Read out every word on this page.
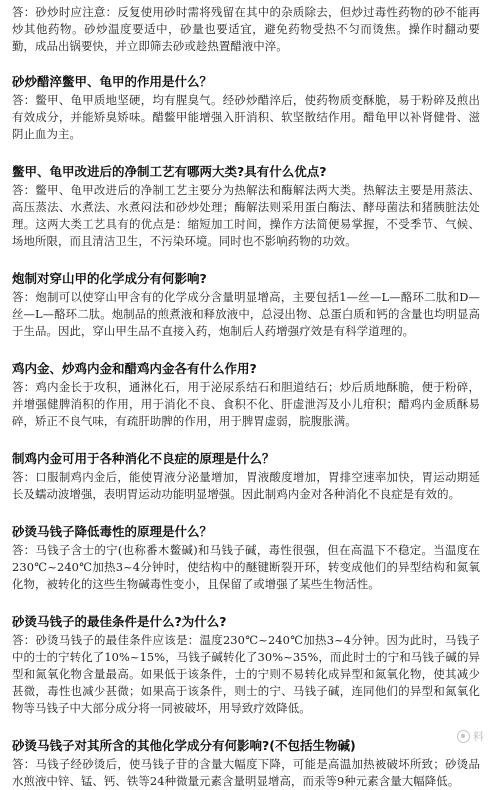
答：砂炒时应注意：反复使用砂时需将残留在其中的杂质除去，但炒过毒性药物的砂不能再炒其他药物。砂炒温度要适中，砂量也要适宜，避免药物受热不匀而烫焦。操作时翻动要勤，成品出锅要快，并立即筛去砂或趁热置醋液中淬。

砂炒醋淬鳖甲、龟甲的作用是什么？

答：鳖甲、龟甲质地坚硬，均有腥臭气。经砂炒醋淬后，使药物质变酥脆，易于粉碎及煎出有效成分，并能矫臭矫味。醋鳖甲能增强入肝消积、软坚散结作用。醋龟甲以补肾健骨、滋阴止血为主。

鳖甲、龟甲改进后的净制工艺有哪两大类?具有什么优点?

答：鳖甲、龟甲改进后的净制工艺主要分为热解法和酶解法两大类。热解法主要是用蒸法、高压蒸法、水煮法、水煮闷法和砂炒处理；酶解法则采用蛋白酶法、酵母菌法和猪胰脏法处理。这两大类工艺具有的优点是：缩短加工时间，操作方法简便易掌握，不受季节、气候、场地所限，而且清洁卫生，不污染环境。同时也不影响药物的功效。

炮制对穿山甲的化学成分有何影响?

答：炮制可以使穿山甲含有的化学成分含量明显增高，主要包括1—丝—L—酪环二肽和D—丝—L—酪环二肽。炮制品的煎煮液和释放液中，总浸出物、总蛋白质和钙的含量也均明显高于生品。因此，穿山甲生品不直接入药，炮制后人药增强疗效是有科学道理的。

鸡内金、炒鸡内金和醋鸡内金各有什么作用?

答：鸡内金长于攻积，通淋化石，用于泌尿系结石和胆道结石；炒后质地酥脆，便于粉碎，并增强健脾消积的作用，用于消化不良、食积不化、肝虚泄泻及小儿疳积；醋鸡内金质酥易碎，矫正不良气味，有疏肝助脾的作用，用于脾胃虚弱，脘腹胀满。

制鸡内金可用于各种消化不良症的原理是什么？

答：口服制鸡内金后，能使胃液分泌量增加，胃液酸度增加，胃排空速率加快，胃运动期延长及蠕动波增强，表明胃运动功能明显增强。因此制鸡内金对各种消化不良症是有效的。

砂烫马钱子降低毒性的原理是什么？

答：马钱子含士的宁(也称番木鳖碱)和马钱子碱，毒性很强，但在高温下不稳定。当温度在230℃~240℃加热3~4分钟时，使结构中的醚键断裂开环，转变成他们的异型结构和氮氧化物，被转化的这些生物碱毒性变小，且保留了或增强了某些生物活性。

砂烫马钱子的最佳条件是什么?为什么?

答：砂烫马钱子的最佳条件应该是：温度230℃~240℃加热3~4分钟。因为此时，马钱子中的士的宁转化了10%~15%，马钱子碱转化了30%~35%，而此时士的宁和马钱子碱的异型和氮氧化物含量最高。如果低于该条件，士的宁则不易转化成异型和氮氧化物，使其减少甚微，毒性也减少甚微；如果高于该条件，则士的宁、马钱子碱，连同他们的异型和氮氧化物等马钱子中大部分成分将一同被破坏，用导致疗效降低。

砂烫马钱子对其所含的其他化学成分有何影响?(不包括生物碱)

答：马钱子经砂烫后，使马钱子苷的含量大幅度下降，可能是高温加热被破坏所致；砂烫品水煎液中锌、锰、钙、铁等24种微量元素含量明显增高，而汞等9种元素含量大幅降低。

料
